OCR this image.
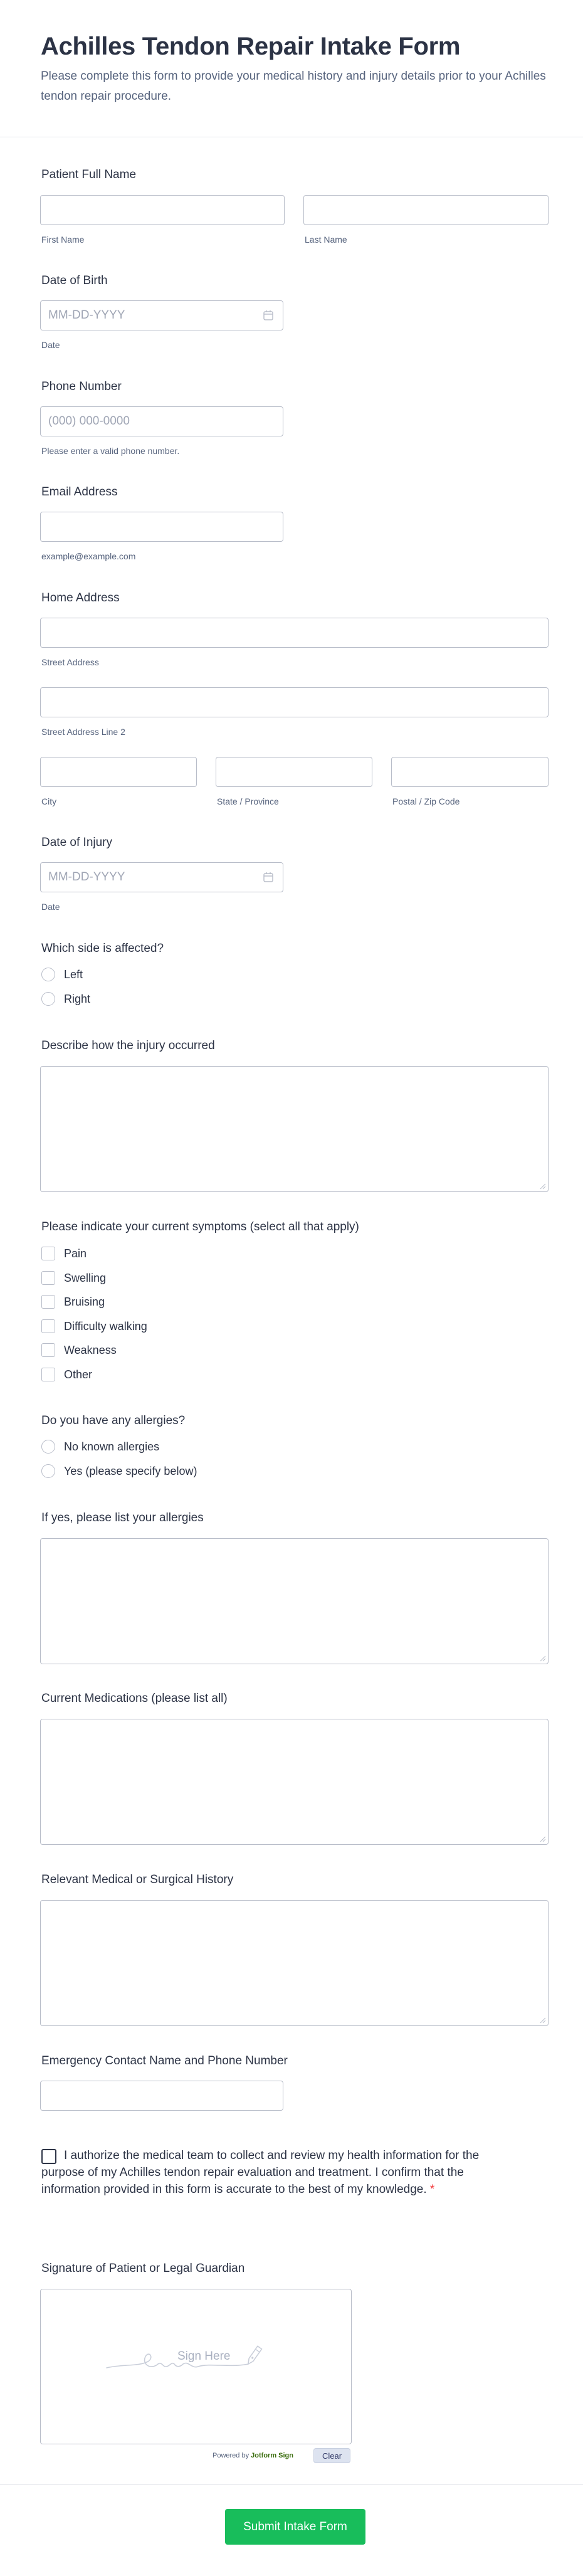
Achilles Tendon Repair Intake Form

Please complete this form to provide your medical history and injury details prior to your Achilles tendon repair procedure.

Patient Full Name
First Name	Last Name
Date of Birth
MM-DD-YYYY
Date
Phone Number
(000) 000-0000
Please enter a valid phone number.
Email Address
example@example.com
Home Address
Street Address
Street Address Line 2
City	State / Province	Postal / Zip Code
Date of Injury
MM-DD-YYYY
Date
Which side is affected?
Left
Right
Describe how the injury occurred
Please indicate your current symptoms (select all that apply)
Pain
Swelling
Bruising
Difficulty walking
Weakness
Other
Do you have any allergies?
No known allergies
Yes (please specify below)
If yes, please list your allergies
Current Medications (please list all)
Relevant Medical or Surgical History
Emergency Contact Name and Phone Number
I authorize the medical team to collect and review my health information for the purpose of my Achilles tendon repair evaluation and treatment. I confirm that the information provided in this form is accurate to the best of my knowledge. *
Signature of Patient or Legal Guardian
Sign Here
Powered by Jotform Sign	Clear
Submit Intake Form
